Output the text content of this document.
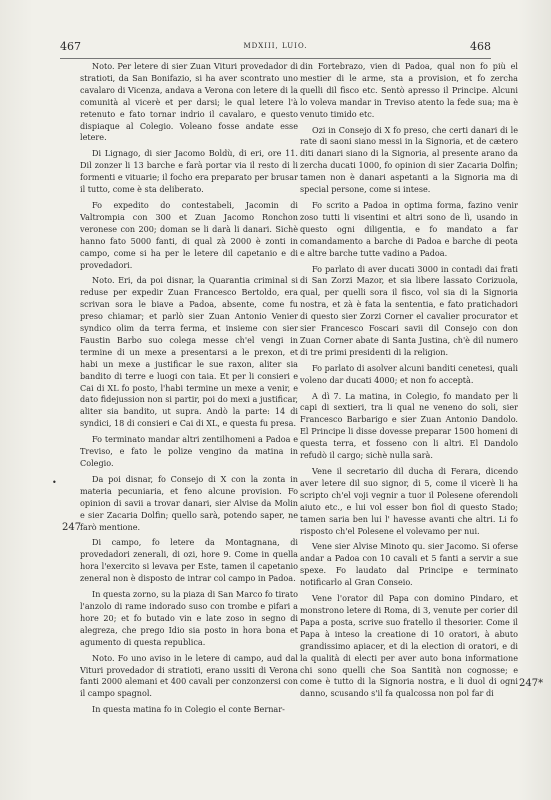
467	MDXIII, LUIO.	468
247
247*
•

Noto. Per letere di sier Zuan Vituri provedador di stratioti, da San Bonifazio, si ha aver scontrato uno cavalaro di Vicenza, andava a Verona con letere di la comunità al vicerè et per darsi; le qual letere l'à retenuto e fato tornar indrio il cavalaro, e questo dispiaque al Colegio. Voleano fosse andate esse letere.

Di Lignago, di sier Jacomo Boldù, di eri, ore 11. Dil zonzer li 13 barche e farà portar via il resto di li formenti e vituarie; il focho era preparato per brusar il tutto, come è sta deliberato.

Fo expedito do contestabeli, Jacomin di Valtrompia con 300 et Zuan Jacomo Ronchon veronese con 200; doman se li darà li danari. Sichè hanno fato 5000 fanti, di qual zà 2000 è zonti in campo, come si ha per le letere dil capetanio e di provedadori.

Noto. Eri, da poi disnar, la Quarantia criminal si reduse per expedir Zuan Francesco Bertoldo, era scrivan sora le biave a Padoa, absente, come fu preso chiamar; et parlò sier Zuan Antonio Venier syndico olim da terra ferma, et insieme con sier Faustin Barbo suo colega messe ch'el vengi in termine di un mexe a presentarsi a le prexon, et habi un mexe a justificar le sue raxon, aliter sia bandito di terre e luogi con taia. Et per li consieri e Cai di XL fo posto, l'habi termine un mexe a venir, e dato fidejussion non si partir, poi do mexi a justificar, aliter sia bandito, ut supra. Andò la parte: 14 di syndici, 18 di consieri e Cai di XL, e questa fu presa.

Fo terminato mandar altri zentilhomeni a Padoa e Treviso, e fato le polize vengino da matina in Colegio.

Da poi disnar, fo Consejo di X con la zonta in materia pecuniaria, et feno alcune provision. Fo opinion di savii a trovar danari, sier Alvise da Molin e sier Zacaria Dolfin; quello sarà, potendo saper, ne farò mentione.

Di campo, fo letere da Montagnana, di provedadori zenerali, di ozi, hore 9. Come in quella hora l'exercito si levava per Este, tamen il capetanio zeneral non è disposto de intrar col campo in Padoa.

In questa zorno, su la piaza di San Marco fo tirato l'anzolo di rame indorado suso con trombe e pifari a hore 20; et fo butado vin e late zoso in segno di alegreza, che prego Idio sia posto in hora bona et agumento di questa republica.

Noto. Fo uno aviso in le letere di campo, aud dal Vituri provedador di stratioti, erano ussiti di Verona fanti 2000 alemani et 400 cavali per conzonzersi con il campo spagnol.

In questa matina fo in Colegio el conte Bernar-

din Fortebrazo, vien di Padoa, qual non fo più el mestier di le arme, sta a provision, et fo zercha quelli dil fisco etc. Sentò apresso il Principe. Alcuni lo voleva mandar in Treviso atento la fede sua; ma è venuto timido etc.

Ozi in Consejo di X fo preso, che certi danari di le rate di saoni siano messi in la Signoria, et de cætero diti danari siano di la Signoria, al presente arano da zercha ducati 1000, fo opinion di sier Zacaria Dolfin; tamen non è danari aspetanti a la Signoria ma di special persone, come si intese.

Fo scrito a Padoa in optima forma, fazino venir zoso tutti li visentini et altri sono de lì, usando in questo ogni diligentia, e fo mandato a far comandamento a barche di Padoa e barche di peota e altre barche tutte vadino a Padoa.

Fo parlato di aver ducati 3000 in contadi dai frati di San Zorzi Mazor, et sia libere lassato Corizuola, qual, per quelli sora il fisco, vol sia di la Signoria nostra, et zà è fata la sententia, e fato pratichadori di questo sier Zorzi Corner el cavalier procurator et sier Francesco Foscari savii dil Consejo con don Zuan Corner abate di Santa Justina, ch'è dil numero di tre primi presidenti di la religion.

Fo parlato di asolver alcuni banditi cenetesi, quali voleno dar ducati 4000; et non fo acceptà.

A dì 7. La matina, in Colegio, fo mandato per li capi di sextieri, tra li qual ne veneno do soli, sier Francesco Barbarigo e sier Zuan Antonio Dandolo. El Principe li disse dovesse preparar 1500 homeni di questa terra, et fosseno con li altri. El Dandolo refudò il cargo; sichè nulla sarà.

Vene il secretario dil ducha di Ferara, dicendo aver letere dil suo signor, di 5, come il vicerè li ha scripto ch'el voji vegnir a tuor il Polesene oferendoli aiuto etc., e lui vol esser bon fiol di questo Stado; tamen saria ben lui l' havesse avanti che altri. Li fo risposto ch'el Polesene el volevamo per nui.

Vene sier Alvise Minoto qu. sier Jacomo. Si oferse andar a Padoa con 10 cavali et 5 fanti a servir a sue spexe. Fo laudato dal Principe e terminato notificarlo al Gran Conseio.

Vene l'orator dil Papa con domino Pindaro, et monstrono letere di Roma, di 3, venute per corier dil Papa a posta, scrive suo fratello il thesorier. Come il Papa à inteso la creatione di 10 oratori, à abuto grandissimo apiacer, et di la election di oratori, e di la qualità di electi per aver auto bona informatione chi sono quelli che Soa Santità non cognosse; e come è tutto di la Signoria nostra, e li duol di ogni danno, scusando s'il fa qualcossa non pol far di
